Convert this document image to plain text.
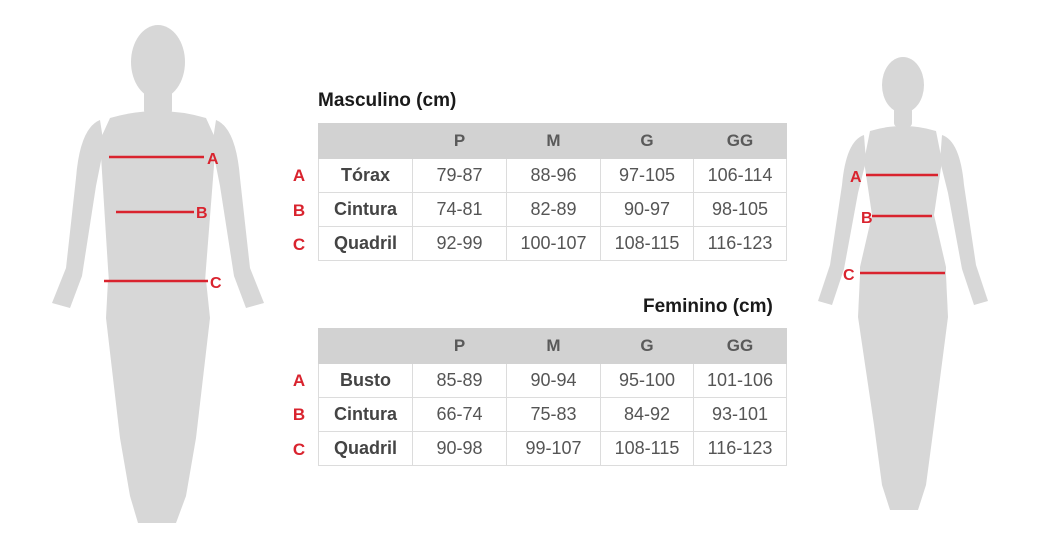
A
B
C
A
B
C
Masculino (cm)
A
B
C
	P	M	G	GG
Tórax	79-87	88-96	97-105	106-114
Cintura	74-81	82-89	90-97	98-105
Quadril	92-99	100-107	108-115	116-123
Feminino (cm)
A
B
C
	P	M	G	GG
Busto	85-89	90-94	95-100	101-106
Cintura	66-74	75-83	84-92	93-101
Quadril	90-98	99-107	108-115	116-123
